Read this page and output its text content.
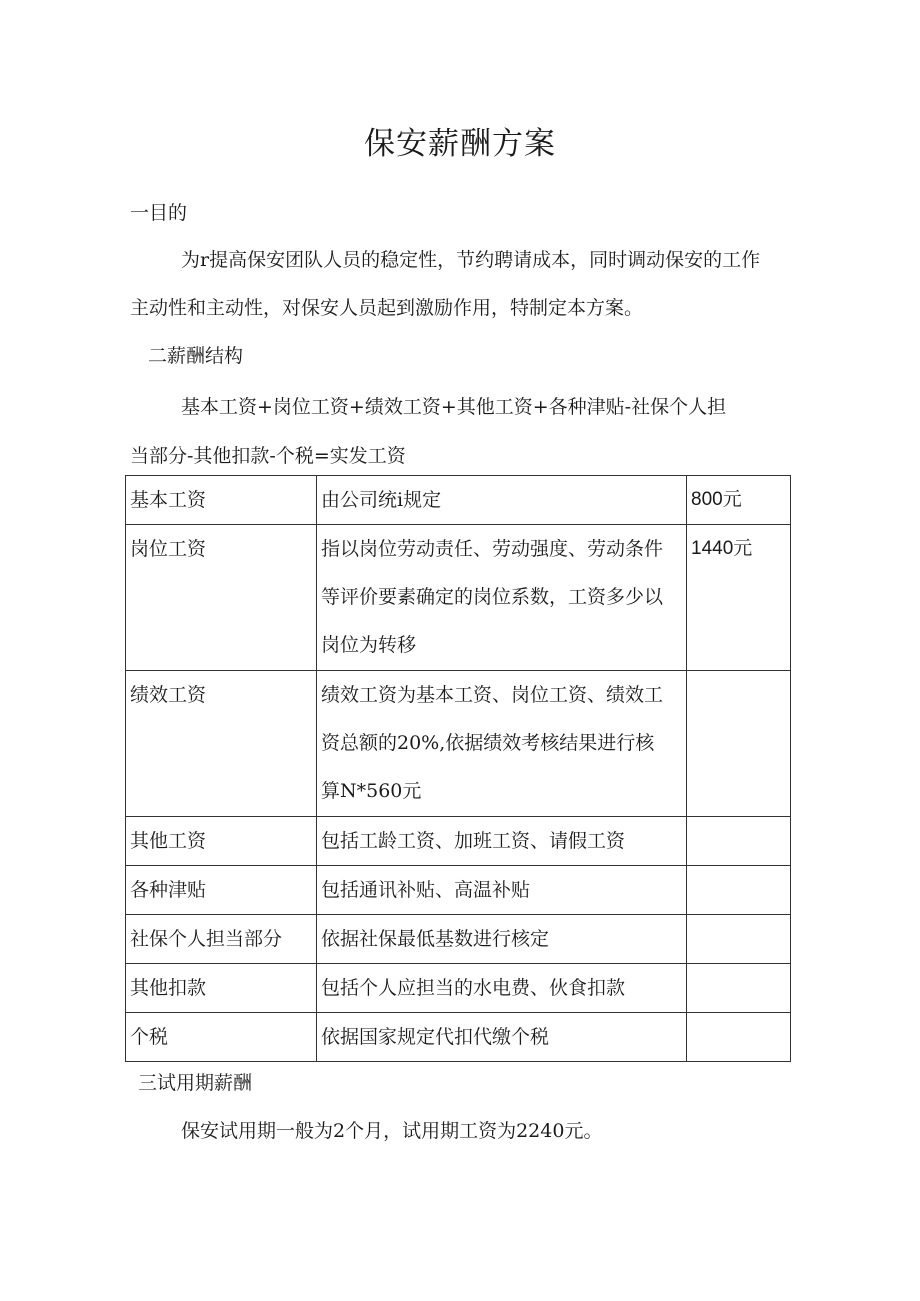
保安薪酬方案
一目的
为r提高保安团队人员的稳定性，节约聘请成本，同时调动保安的工作
主动性和主动性，对保安人员起到激励作用，特制定本方案。
二薪酬结构
基本工资+岗位工资+绩效工资+其他工资+各种津贴-社保个人担
当部分-其他扣款-个税=实发工资
基本工资	由公司统i规定	800元
岗位工资	指以岗位劳动责任、劳动强度、劳动条件
等评价要素确定的岗位系数，工资多少以
岗位为转移	1440元
绩效工资	绩效工资为基本工资、岗位工资、绩效工
资总额的20%,依据绩效考核结果进行核
算N*560元	

其他工资	包括工龄工资、加班工资、请假工资	
各种津贴	包括通讯补贴、高温补贴	
社保个人担当部分	依据社保最低基数进行核定	
其他扣款	包括个人应担当的水电费、伙食扣款	
个税	依据国家规定代扣代缴个税	
三试用期薪酬
保安试用期一般为2个月，试用期工资为2240元。
